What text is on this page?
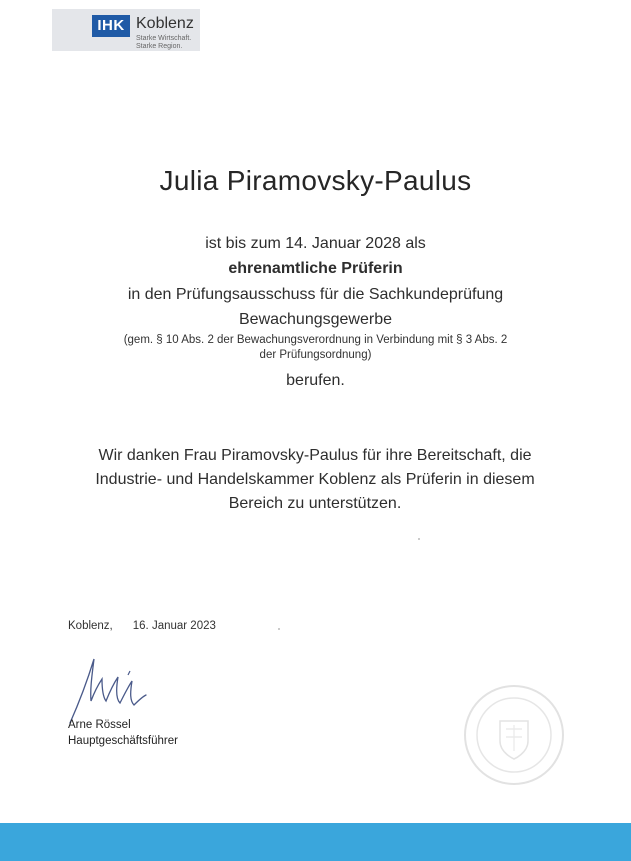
IHK Koblenz
Starke Wirtschaft.
Starke Region.
Julia Piramovsky-Paulus
ist bis zum 14. Januar 2028 als
ehrenamtliche Prüferin
in den Prüfungsausschuss für die Sachkundeprüfung
Bewachungsgewerbe
(gem. § 10 Abs. 2 der Bewachungsverordnung in Verbindung mit § 3 Abs. 2
der Prüfungsordnung)
berufen.
Wir danken Frau Piramovsky-Paulus für ihre Bereitschaft, die Industrie- und Handelskammer Koblenz als Prüferin in diesem Bereich zu unterstützen.
Koblenz, 16. Januar 2023
Arne Rössel
Hauptgeschäftsführer
